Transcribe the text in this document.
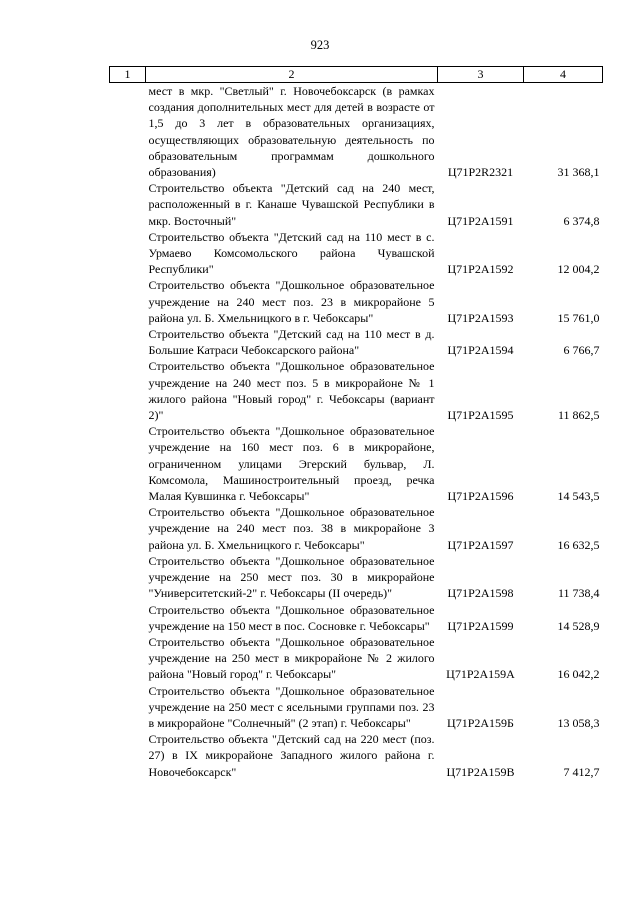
923
1	2	3	4
	мест в мкр. "Светлый" г. Новочебоксарск (в рамках создания дополнительных мест для детей в возрасте от 1,5 до 3 лет в образовательных организациях, осуществляющих образовательную деятельность по образовательным программам дошкольного образования)	Ц71Р2R2321	31 368,1
	Строительство объекта "Детский сад на 240 мест, расположенный в г. Канаше Чувашской Республики в мкр. Восточный"	Ц71Р2А1591	6 374,8
	Строительство объекта "Детский сад на 110 мест в с. Урмаево Комсомольского района Чувашской Республики"	Ц71Р2А1592	12 004,2
	Строительство объекта "Дошкольное образовательное учреждение на 240 мест поз. 23 в микрорайоне 5 района ул. Б. Хмельницкого в г. Чебоксары"	Ц71Р2А1593	15 761,0
	Строительство объекта "Детский сад на 110 мест в д. Большие Катраси Чебоксарского района"	Ц71Р2А1594	6 766,7
	Строительство объекта "Дошкольное образовательное учреждение на 240 мест поз. 5 в микрорайоне № 1 жилого района "Новый город" г. Чебоксары (вариант 2)"	Ц71Р2А1595	11 862,5
	Строительство объекта "Дошкольное образовательное учреждение на 160 мест поз. 6 в микрорайоне, ограниченном улицами Эгерский бульвар, Л. Комсомола, Машиностроительный проезд, речка Малая Кувшинка г. Чебоксары"	Ц71Р2А1596	14 543,5
	Строительство объекта "Дошкольное образовательное учреждение на 240 мест поз. 38 в микрорайоне 3 района ул. Б. Хмельницкого г. Чебоксары"	Ц71Р2А1597	16 632,5
	Строительство объекта "Дошкольное образовательное учреждение на 250 мест поз. 30 в микрорайоне "Университетский-2" г. Чебоксары (II очередь)"	Ц71Р2А1598	11 738,4
	Строительство объекта "Дошкольное образовательное учреждение на 150 мест в пос. Сосновке г. Чебоксары"	Ц71Р2А1599	14 528,9
	Строительство объекта "Дошкольное образовательное учреждение на 250 мест в микрорайоне № 2 жилого района "Новый город" г. Чебоксары"	Ц71Р2А159А	16 042,2
	Строительство объекта "Дошкольное образовательное учреждение на 250 мест с ясельными группами поз. 23 в микрорайоне "Солнечный" (2 этап) г. Чебоксары"	Ц71Р2А159Б	13 058,3
	Строительство объекта "Детский сад на 220 мест (поз. 27) в IX микрорайоне Западного жилого района г. Новочебоксарск"	Ц71Р2А159В	7 412,7
